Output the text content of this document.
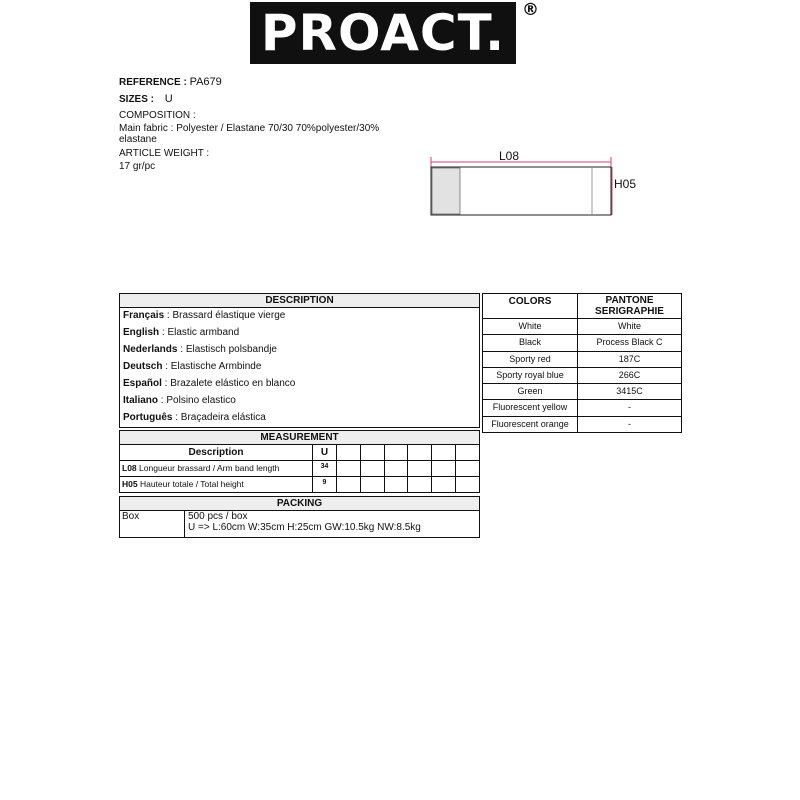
PROACT. ®
REFERENCE : PA679
SIZES : U
COMPOSITION :
Main fabric : Polyester / Elastane 70/30 70%polyester/30% elastane
ARTICLE WEIGHT :
17 gr/pc
L08
H05
DESCRIPTION
Français : Brassard élastique vierge
English : Elastic armband
Nederlands : Elastisch polsbandje
Deutsch : Elastische Armbinde
Español : Brazalete elástico en blanco
Italiano : Polsino elastico
Português : Braçadeira elástica
COLORS	PANTONE SERIGRAPHIE
White	White
Black	Process Black C
Sporty red	187C
Sporty royal blue	266C
Green	3415C
Fluorescent yellow	-
Fluorescent orange	-
MEASUREMENT
Description	U
L08 Longueur brassard / Arm band length	34
H05 Hauteur totale / Total height	9
PACKING
Box	500 pcs / box
U => L:60cm W:35cm H:25cm GW:10.5kg NW:8.5kg
